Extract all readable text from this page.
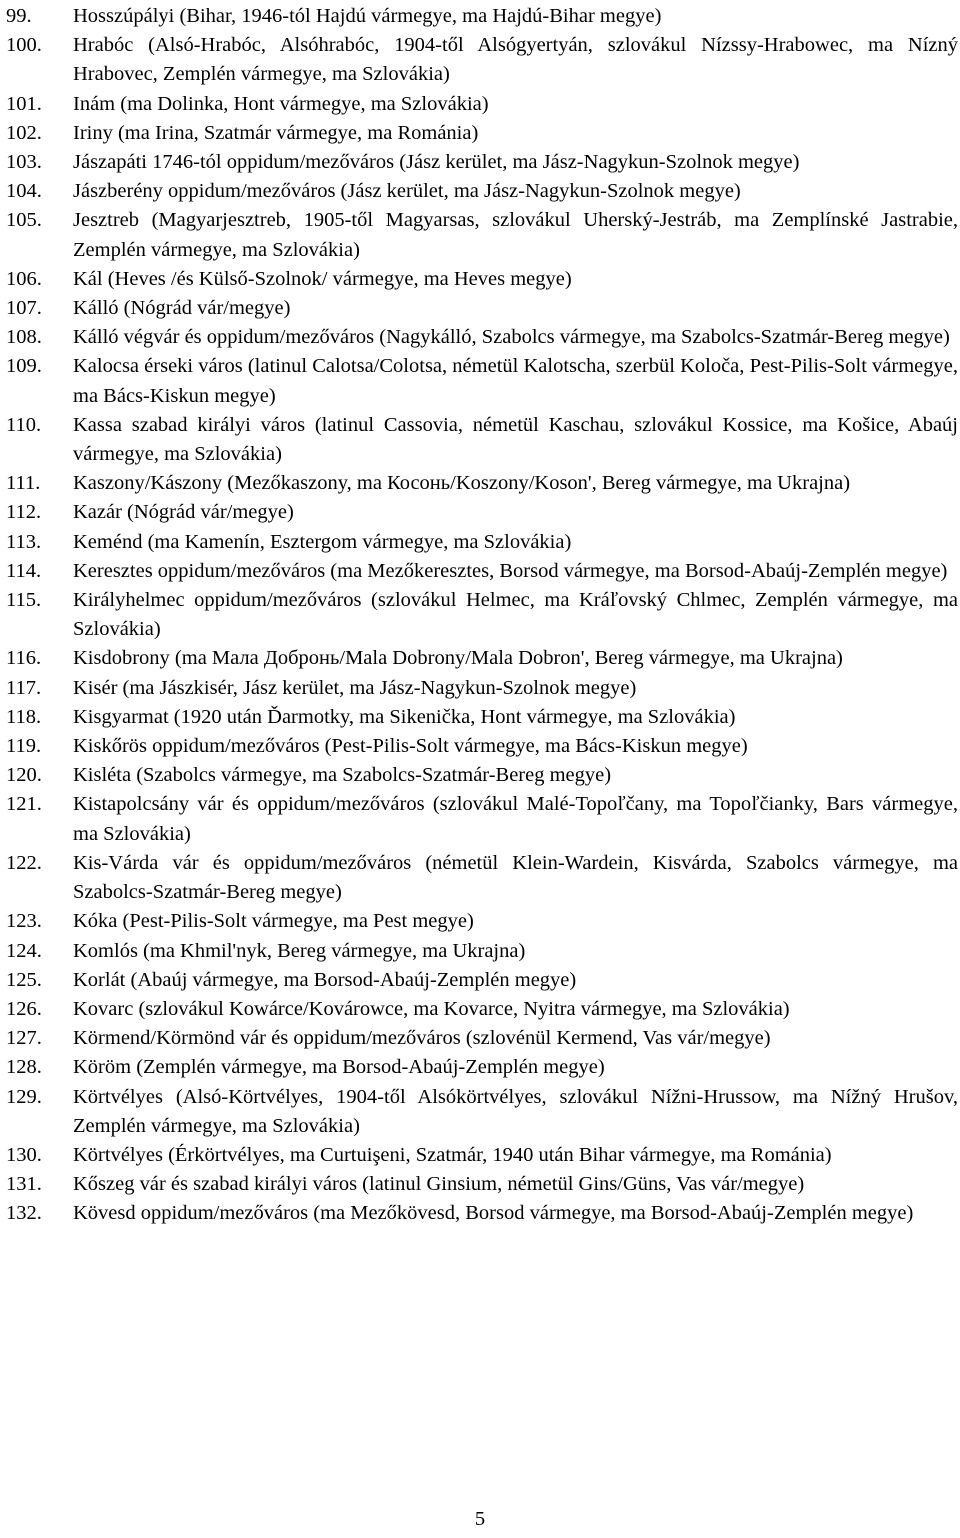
99.	Hosszúpályi (Bihar, 1946-tól Hajdú vármegye, ma Hajdú-Bihar megye)
100.	Hrabóc (Alsó-Hrabóc, Alsóhrabóc, 1904-től Alsógyertyán, szlovákul Nízssy-Hrabowec, ma Nízný Hrabovec, Zemplén vármegye, ma Szlovákia)
101.	Inám (ma Dolinka, Hont vármegye, ma Szlovákia)
102.	Iriny (ma Irina, Szatmár vármegye, ma Románia)
103.	Jászapáti 1746-tól oppidum/mezőváros (Jász kerület, ma Jász-Nagykun-Szolnok megye)
104.	Jászberény oppidum/mezőváros (Jász kerület, ma Jász-Nagykun-Szolnok megye)
105.	Jesztreb (Magyarjesztreb, 1905-től Magyarsas, szlovákul Uherský-Jestráb, ma Zemplínské Jastrabie, Zemplén vármegye, ma Szlovákia)
106.	Kál (Heves /és Külső-Szolnok/ vármegye, ma Heves megye)
107.	Kálló (Nógrád vár/megye)
108.	Kálló végvár és oppidum/mezőváros (Nagykálló, Szabolcs vármegye, ma Szabolcs-Szatmár-Bereg megye)
109.	Kalocsa érseki város (latinul Calotsa/Colotsa, németül Kalotscha, szerbül Koloča, Pest-Pilis-Solt vármegye, ma Bács-Kiskun megye)
110.	Kassa szabad királyi város (latinul Cassovia, németül Kaschau, szlovákul Kossice, ma Košice, Abaúj vármegye, ma Szlovákia)
111.	Kaszony/Kászony (Mezőkaszony, ma Косонь/Koszony/Koson', Bereg vármegye, ma Ukrajna)
112.	Kazár (Nógrád vár/megye)
113.	Keménd (ma Kamenín, Esztergom vármegye, ma Szlovákia)
114.	Keresztes oppidum/mezőváros (ma Mezőkeresztes, Borsod vármegye, ma Borsod-Abaúj-Zemplén megye)
115.	Királyhelmec oppidum/mezőváros (szlovákul Helmec, ma Kráľovský Chlmec, Zemplén vármegye, ma Szlovákia)
116.	Kisdobrony (ma Мала Добронь/Mala Dobrony/Mala Dobron', Bereg vármegye, ma Ukrajna)
117.	Kisér (ma Jászkisér, Jász kerület, ma Jász-Nagykun-Szolnok megye)
118.	Kisgyarmat (1920 után Ďarmotky, ma Sikenička, Hont vármegye, ma Szlovákia)
119.	Kiskőrös oppidum/mezőváros (Pest-Pilis-Solt vármegye, ma Bács-Kiskun megye)
120.	Kisléta (Szabolcs vármegye, ma Szabolcs-Szatmár-Bereg megye)
121.	Kistapolcsány vár és oppidum/mezőváros (szlovákul Malé-Topoľčany, ma Topoľčianky, Bars vármegye, ma Szlovákia)
122.	Kis-Várda vár és oppidum/mezőváros (németül Klein-Wardein, Kisvárda, Szabolcs vármegye, ma Szabolcs-Szatmár-Bereg megye)
123.	Kóka (Pest-Pilis-Solt vármegye, ma Pest megye)
124.	Komlós (ma Khmil'nyk, Bereg vármegye, ma Ukrajna)
125.	Korlát (Abaúj vármegye, ma Borsod-Abaúj-Zemplén megye)
126.	Kovarc (szlovákul Kowárce/Kovárowce, ma Kovarce, Nyitra vármegye, ma Szlovákia)
127.	Körmend/Körmönd vár és oppidum/mezőváros (szlovénül Kermend, Vas vár/megye)
128.	Köröm (Zemplén vármegye, ma Borsod-Abaúj-Zemplén megye)
129.	Körtvélyes (Alsó-Körtvélyes, 1904-től Alsókörtvélyes, szlovákul Nížni-Hrussow, ma Nížný Hrušov, Zemplén vármegye, ma Szlovákia)
130.	Körtvélyes (Érkörtvélyes, ma Curtuişeni, Szatmár, 1940 után Bihar vármegye, ma Románia)
131.	Kőszeg vár és szabad királyi város (latinul Ginsium, németül Gins/Güns, Vas vár/megye)
132.	Kövesd oppidum/mezőváros (ma Mezőkövesd, Borsod vármegye, ma Borsod-Abaúj-Zemplén megye)
5
